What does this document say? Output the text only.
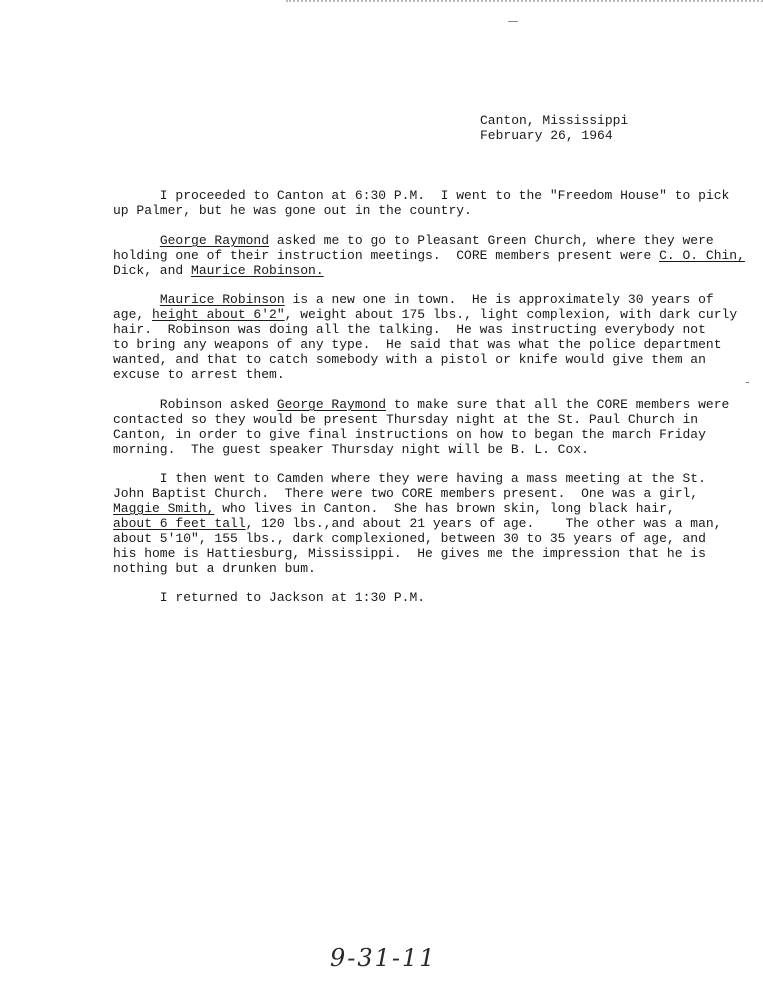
Canton, Mississippi
February 26, 1964
I proceeded to Canton at 6:30 P.M.  I went to the "Freedom House" to pick
up Palmer, but he was gone out in the country.
George Raymond asked me to go to Pleasant Green Church, where they were
holding one of their instruction meetings.  CORE members present were C. O. Chin,
Dick, and Maurice Robinson.
Maurice Robinson is a new one in town.  He is approximately 30 years of
age, height about 6'2", weight about 175 lbs., light complexion, with dark curly
hair.  Robinson was doing all the talking.  He was instructing everybody not
to bring any weapons of any type.  He said that was what the police department
wanted, and that to catch somebody with a pistol or knife would give them an
excuse to arrest them.
Robinson asked George Raymond to make sure that all the CORE members were
contacted so they would be present Thursday night at the St. Paul Church in
Canton, in order to give final instructions on how to began the march Friday
morning.  The guest speaker Thursday night will be B. L. Cox.
I then went to Camden where they were having a mass meeting at the St.
John Baptist Church.  There were two CORE members present.  One was a girl,
Maggie Smith, who lives in Canton.  She has brown skin, long black hair,
about 6 feet tall, 120 lbs.,and about 21 years of age.    The other was a man,
about 5'10", 155 lbs., dark complexioned, between 30 to 35 years of age, and
his home is Hattiesburg, Mississippi.  He gives me the impression that he is
nothing but a drunken bum.
I returned to Jackson at 1:30 P.M.
9-31-11
